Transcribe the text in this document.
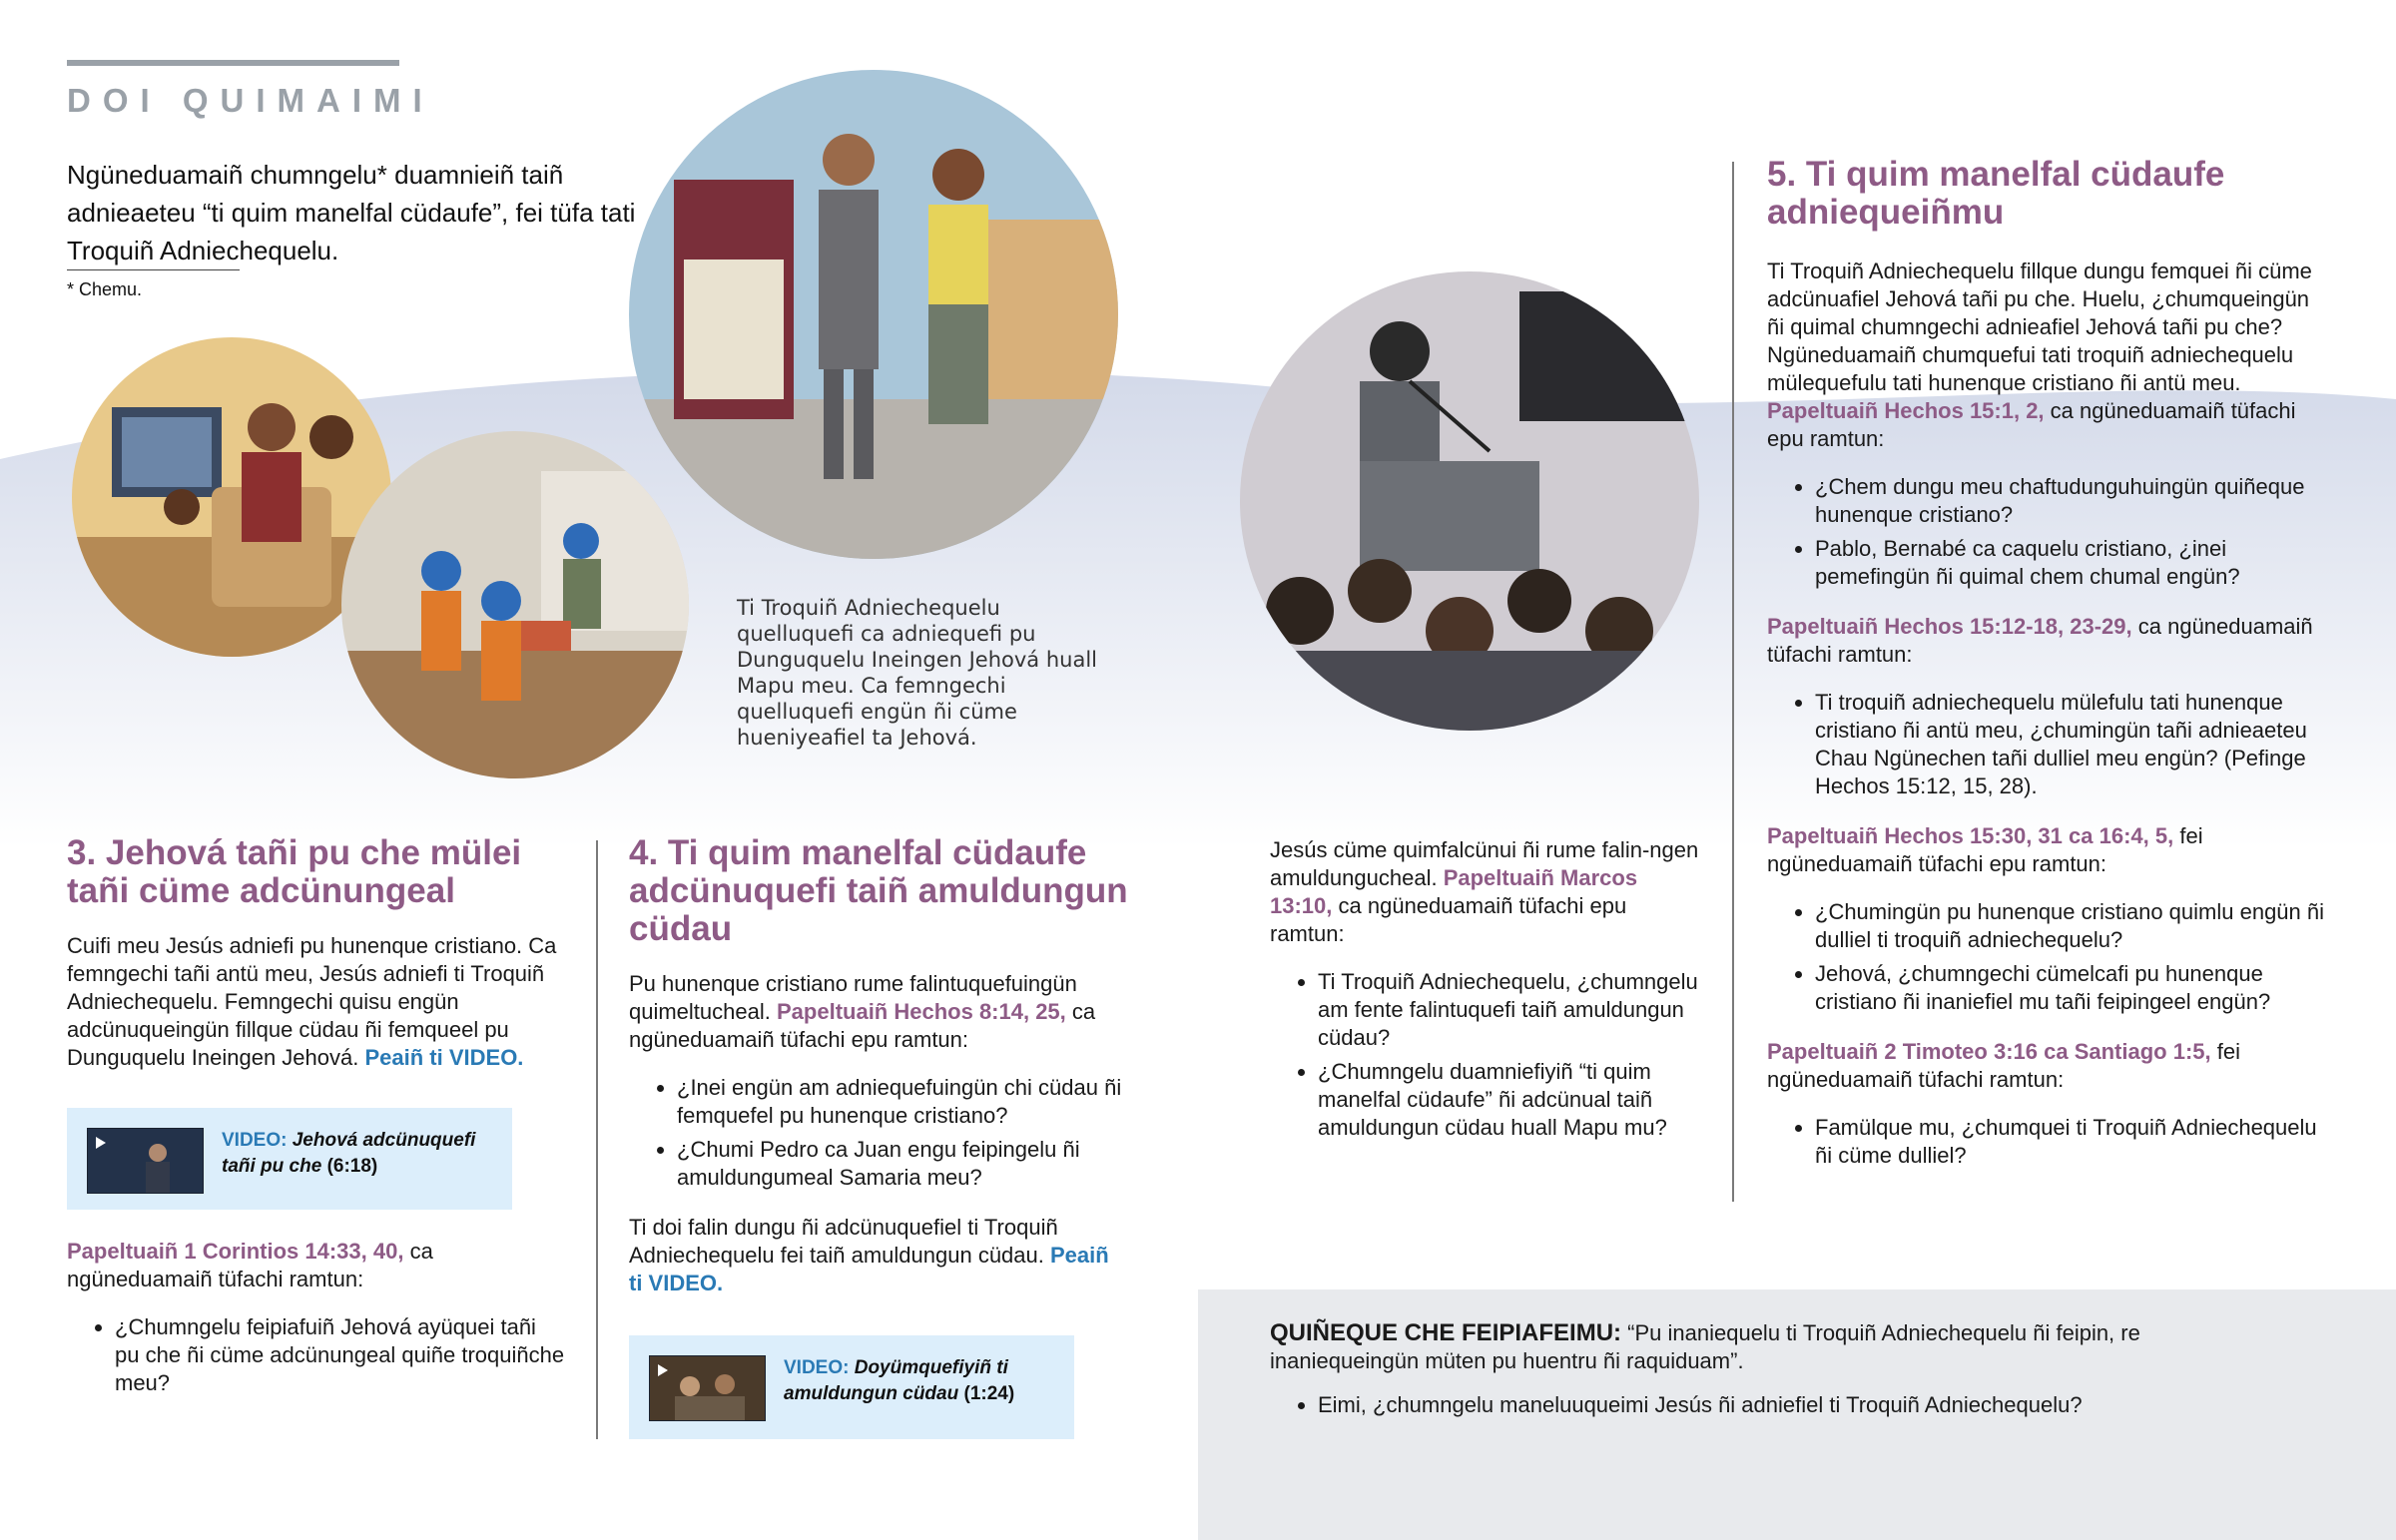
DOI QUIMAIMI
Ngüneduamaiñ chumngelu* duamnieiñ taiñ adnieaeteu “ti quim manelfal cüdaufe”, fei tüfa tati Troquiñ Adniechequelu.
* Chemu.
Ti Troquiñ Adniechequelu quelluquefi ca adniequefi pu Dunguquelu Ineingen Jehová huall Mapu meu. Ca femngechi quelluquefi engün ñi cüme hueniyeafiel ta Jehová.
3. Jehová tañi pu che mülei tañi cüme adcünungeal

Cuifi meu Jesús adniefi pu hunenque cristiano. Ca femngechi tañi antü meu, Jesús adniefi ti Troquiñ Adniechequelu. Femngechi quisu engün adcünuqueingün fillque cüdau ñi femqueel pu Dunguquelu Ineingen Jehová. Peaiñ ti VIDEO.

VIDEO: Jehová adcünuquefi tañi pu che (6:18)

Papeltuaiñ 1 Corintios 14:33, 40, ca ngüneduamaiñ tüfachi ramtun:

• ¿Chumngelu feipiafuiñ Jehová ayüquei tañi pu che ñi cüme adcünungeal quiñe troquiñche meu?
4. Ti quim manelfal cüdaufe adcünuquefi taiñ amuldungun cüdau

Pu hunenque cristiano rume falintuquefuingün quimeltucheal. Papeltuaiñ Hechos 8:14, 25, ca ngüneduamaiñ tüfachi epu ramtun:

• ¿Inei engün am adniequefuingün chi cüdau ñi femquefel pu hunenque cristiano?
• ¿Chumi Pedro ca Juan engu feipingelu ñi amuldungumeal Samaria meu?

Ti doi falin dungu ñi adcünuquefiel ti Troquiñ Adniechequelu fei taiñ amuldungun cüdau. Peaiñ ti VIDEO.

VIDEO: Doyümquefiyiñ ti amuldungun cüdau (1:24)

Jesús cüme quimfalcünui ñi rume falin-ngen amuldungucheal. Papeltuaiñ Marcos 13:10, ca ngüneduamaiñ tüfachi epu ramtun:

• Ti Troquiñ Adniechequelu, ¿chumngelu am fente falintuquefi taiñ amuldungun cüdau?
• ¿Chumngelu duamniefiyiñ “ti quim manelfal cüdaufe” ñi adcünual taiñ amuldungun cüdau huall Mapu mu?
5. Ti quim manelfal cüdaufe adniequeiñmu

Ti Troquiñ Adniechequelu fillque dungu femquei ñi cüme adcünuafiel Jehová tañi pu che. Huelu, ¿chumqueingün ñi quimal chumngechi adnieafiel Jehová tañi pu che? Ngüneduamaiñ chumquefui tati troquiñ adniechequelu mülequefulu tati hunenque cristiano ñi antü meu. Papeltuaiñ Hechos 15:1, 2, ca ngüneduamaiñ tüfachi epu ramtun:

• ¿Chem dungu meu chaftudunguhuingün quiñeque hunenque cristiano?
• Pablo, Bernabé ca caquelu cristiano, ¿inei pemefingün ñi quimal chem chumal engün?

Papeltuaiñ Hechos 15:12-18, 23-29, ca ngüneduamaiñ tüfachi ramtun:

• Ti troquiñ adniechequelu mülefulu tati hunenque cristiano ñi antü meu, ¿chumingün tañi adnieaeteu Chau Ngünechen tañi dulliel meu engün? (Pefinge Hechos 15:12, 15, 28).

Papeltuaiñ Hechos 15:30, 31 ca 16:4, 5, fei ngüneduamaiñ tüfachi epu ramtun:

• ¿Chumingün pu hunenque cristiano quimlu engün ñi dulliel ti troquiñ adniechequelu?
• Jehová, ¿chumngechi cümelcafi pu hunenque cristiano ñi inaniefiel mu tañi feipingeel engün?

Papeltuaiñ 2 Timoteo 3:16 ca Santiago 1:5, fei ngüneduamaiñ tüfachi ramtun:

• Famülque mu, ¿chumquei ti Troquiñ Adniechequelu ñi cüme dulliel?

QUIÑEQUE CHE FEIPIAFEIMU: “Pu inaniequelu ti Troquiñ Adniechequelu ñi feipin, re inaniequeingün müten pu huentru ñi raquiduam”.

• Eimi, ¿chumngelu maneluuqueimi Jesús ñi adniefiel ti Troquiñ Adniechequelu?
